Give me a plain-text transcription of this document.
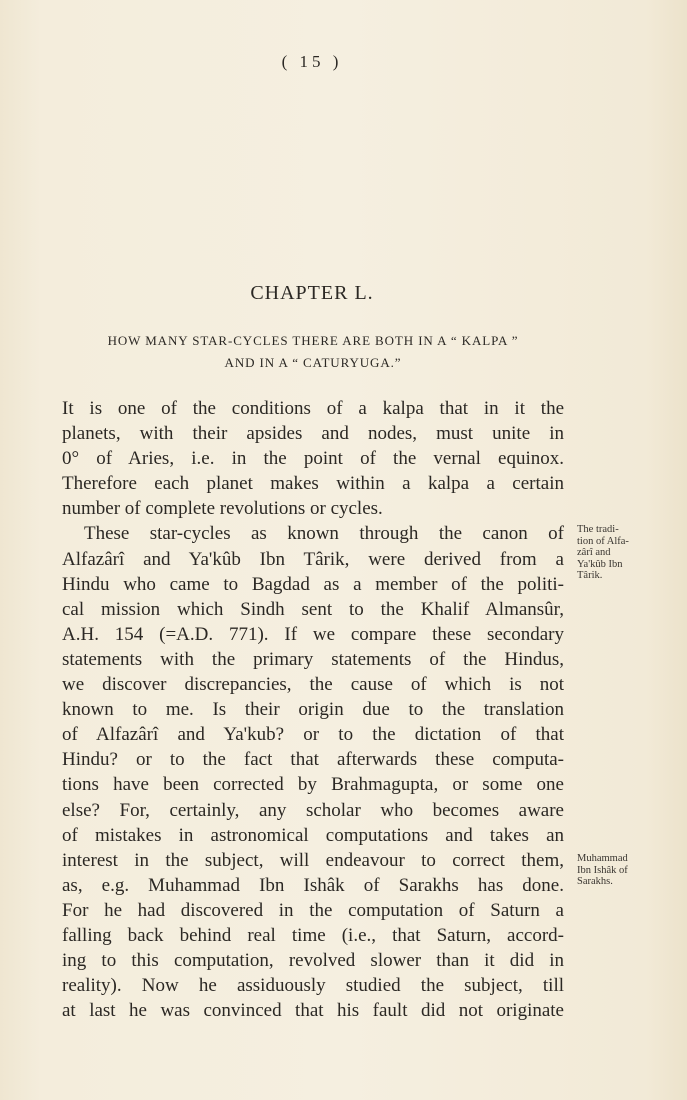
( 15 )
CHAPTER L.
HOW MANY STAR-CYCLES THERE ARE BOTH IN A “ KALPA ”
AND IN A “ CATURYUGA.”
It is one of the conditions of a kalpa that in it the
planets, with their apsides and nodes, must unite in
0° of Aries, i.e. in the point of the vernal equinox.
Therefore each planet makes within a kalpa a certain
number of complete revolutions or cycles.
These star-cycles as known through the canon of
Alfazârî and Ya'kûb Ibn Târik, were derived from a
Hindu who came to Bagdad as a member of the politi-
cal mission which Sindh sent to the Khalif Almansûr,
A.H. 154 (=A.D. 771). If we compare these secondary
statements with the primary statements of the Hindus,
we discover discrepancies, the cause of which is not
known to me. Is their origin due to the translation
of Alfazârî and Ya'kub? or to the dictation of that
Hindu? or to the fact that afterwards these computa-
tions have been corrected by Brahmagupta, or some one
else? For, certainly, any scholar who becomes aware
of mistakes in astronomical computations and takes an
interest in the subject, will endeavour to correct them,
as, e.g. Muhammad Ibn Ishâk of Sarakhs has done.
For he had discovered in the computation of Saturn a
falling back behind real time (i.e., that Saturn, accord-
ing to this computation, revolved slower than it did in
reality). Now he assiduously studied the subject, till
at last he was convinced that his fault did not originate
The tradi-
tion of Alfa-
zârî and
Ya'kûb Ibn
Târik.
Muhammad
Ibn Ishâk of
Sarakhs.
